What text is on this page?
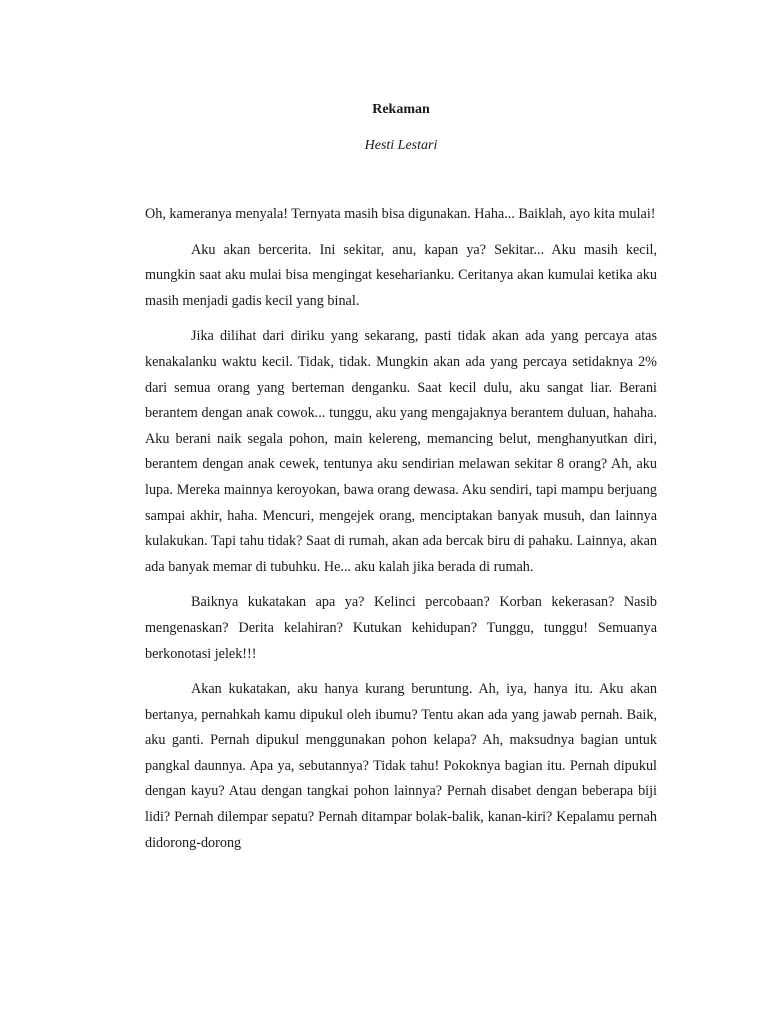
Rekaman

Hesti Lestari

Oh, kameranya menyala! Ternyata masih bisa digunakan. Haha... Baiklah, ayo kita mulai!

Aku akan bercerita. Ini sekitar, anu, kapan ya? Sekitar... Aku masih kecil, mungkin saat aku mulai bisa mengingat keseharianku. Ceritanya akan kumulai ketika aku masih menjadi gadis kecil yang binal.

Jika dilihat dari diriku yang sekarang, pasti tidak akan ada yang percaya atas kenakalanku waktu kecil. Tidak, tidak. Mungkin akan ada yang percaya setidaknya 2% dari semua orang yang berteman denganku. Saat kecil dulu, aku sangat liar. Berani berantem dengan anak cowok... tunggu, aku yang mengajaknya berantem duluan, hahaha. Aku berani naik segala pohon, main kelereng, memancing belut, menghanyutkan diri, berantem dengan anak cewek, tentunya aku sendirian melawan sekitar 8 orang? Ah, aku lupa. Mereka mainnya keroyokan, bawa orang dewasa. Aku sendiri, tapi mampu berjuang sampai akhir, haha. Mencuri, mengejek orang, menciptakan banyak musuh, dan lainnya kulakukan. Tapi tahu tidak? Saat di rumah, akan ada bercak biru di pahaku. Lainnya, akan ada banyak memar di tubuhku. He... aku kalah jika berada di rumah.

Baiknya kukatakan apa ya? Kelinci percobaan? Korban kekerasan? Nasib mengenaskan? Derita kelahiran? Kutukan kehidupan? Tunggu, tunggu! Semuanya berkonotasi jelek!!!

Akan kukatakan, aku hanya kurang beruntung. Ah, iya, hanya itu. Aku akan bertanya, pernahkah kamu dipukul oleh ibumu? Tentu akan ada yang jawab pernah. Baik, aku ganti. Pernah dipukul menggunakan pohon kelapa? Ah, maksudnya bagian untuk pangkal daunnya. Apa ya, sebutannya? Tidak tahu! Pokoknya bagian itu. Pernah dipukul dengan kayu? Atau dengan tangkai pohon lainnya? Pernah disabet dengan beberapa biji lidi? Pernah dilempar sepatu? Pernah ditampar bolak-balik, kanan-kiri? Kepalamu pernah didorong-dorong
